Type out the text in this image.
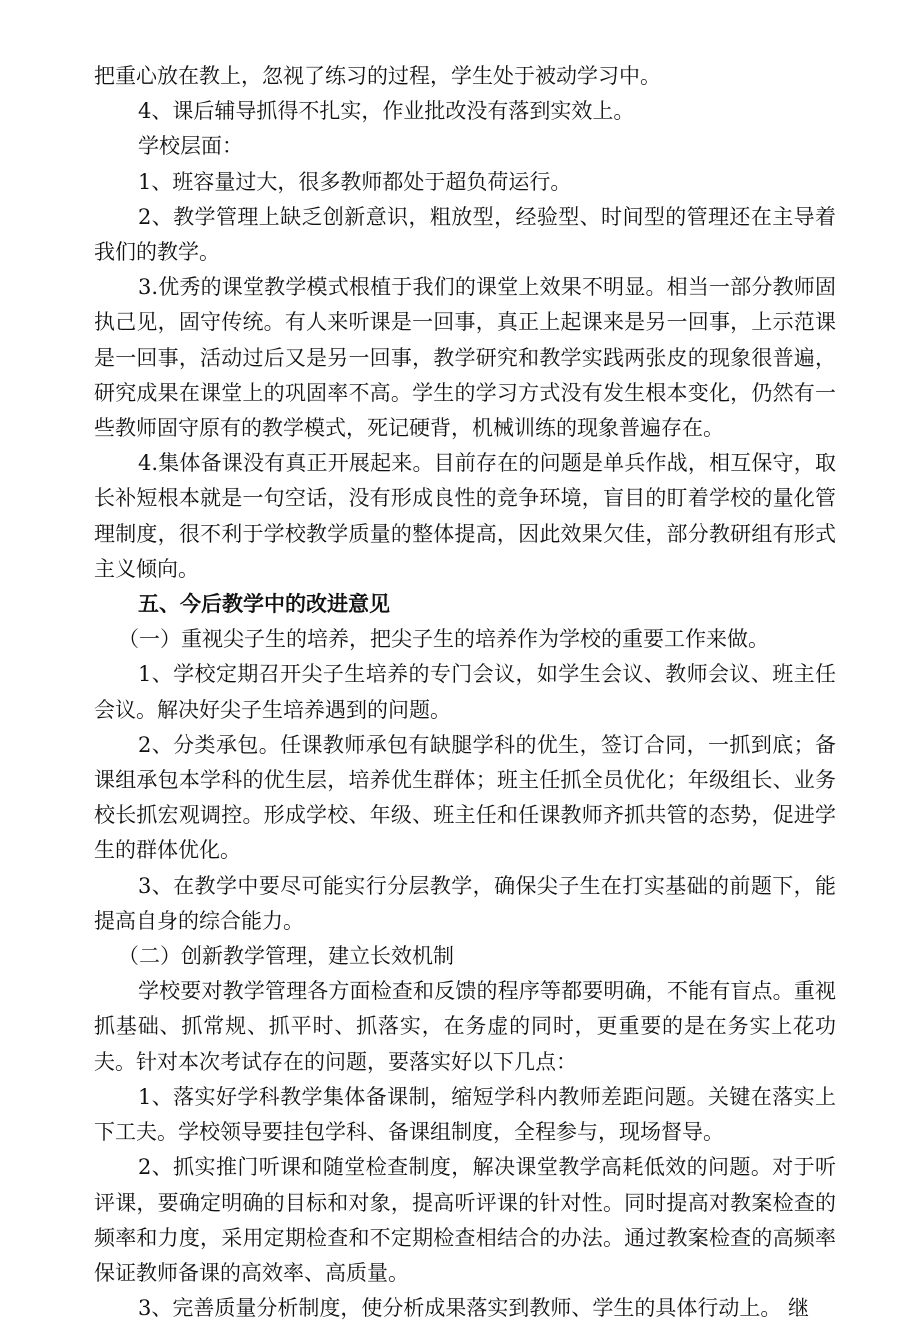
把重心放在教上，忽视了练习的过程，学生处于被动学习中。

4、课后辅导抓得不扎实，作业批改没有落到实效上。

学校层面：

1、班容量过大，很多教师都处于超负荷运行。

2、教学管理上缺乏创新意识，粗放型，经验型、时间型的管理还在主导着我们的教学。

3.优秀的课堂教学模式根植于我们的课堂上效果不明显。相当一部分教师固执己见，固守传统。有人来听课是一回事，真正上起课来是另一回事，上示范课是一回事，活动过后又是另一回事，教学研究和教学实践两张皮的现象很普遍，研究成果在课堂上的巩固率不高。学生的学习方式没有发生根本变化，仍然有一些教师固守原有的教学模式，死记硬背，机械训练的现象普遍存在。

4.集体备课没有真正开展起来。目前存在的问题是单兵作战，相互保守，取长补短根本就是一句空话，没有形成良性的竞争环境，盲目的盯着学校的量化管理制度，很不利于学校教学质量的整体提高，因此效果欠佳，部分教研组有形式主义倾向。

五、今后教学中的改进意见

（一）重视尖子生的培养，把尖子生的培养作为学校的重要工作来做。

1、学校定期召开尖子生培养的专门会议，如学生会议、教师会议、班主任会议。解决好尖子生培养遇到的问题。

2、分类承包。任课教师承包有缺腿学科的优生，签订合同，一抓到底；备课组承包本学科的优生层，培养优生群体；班主任抓全员优化；年级组长、业务校长抓宏观调控。形成学校、年级、班主任和任课教师齐抓共管的态势，促进学生的群体优化。

3、在教学中要尽可能实行分层教学，确保尖子生在打实基础的前题下，能提高自身的综合能力。

（二）创新教学管理，建立长效机制

学校要对教学管理各方面检查和反馈的程序等都要明确，不能有盲点。重视抓基础、抓常规、抓平时、抓落实，在务虚的同时，更重要的是在务实上花功夫。针对本次考试存在的问题，要落实好以下几点：

1、落实好学科教学集体备课制，缩短学科内教师差距问题。关键在落实上下工夫。学校领导要挂包学科、备课组制度，全程参与，现场督导。

2、抓实推门听课和随堂检查制度，解决课堂教学高耗低效的问题。对于听评课，要确定明确的目标和对象，提高听评课的针对性。同时提高对教案检查的频率和力度，采用定期检查和不定期检查相结合的办法。通过教案检查的高频率保证教师备课的高效率、高质量。

3、完善质量分析制度，使分析成果落实到教师、学生的具体行动上。 继
